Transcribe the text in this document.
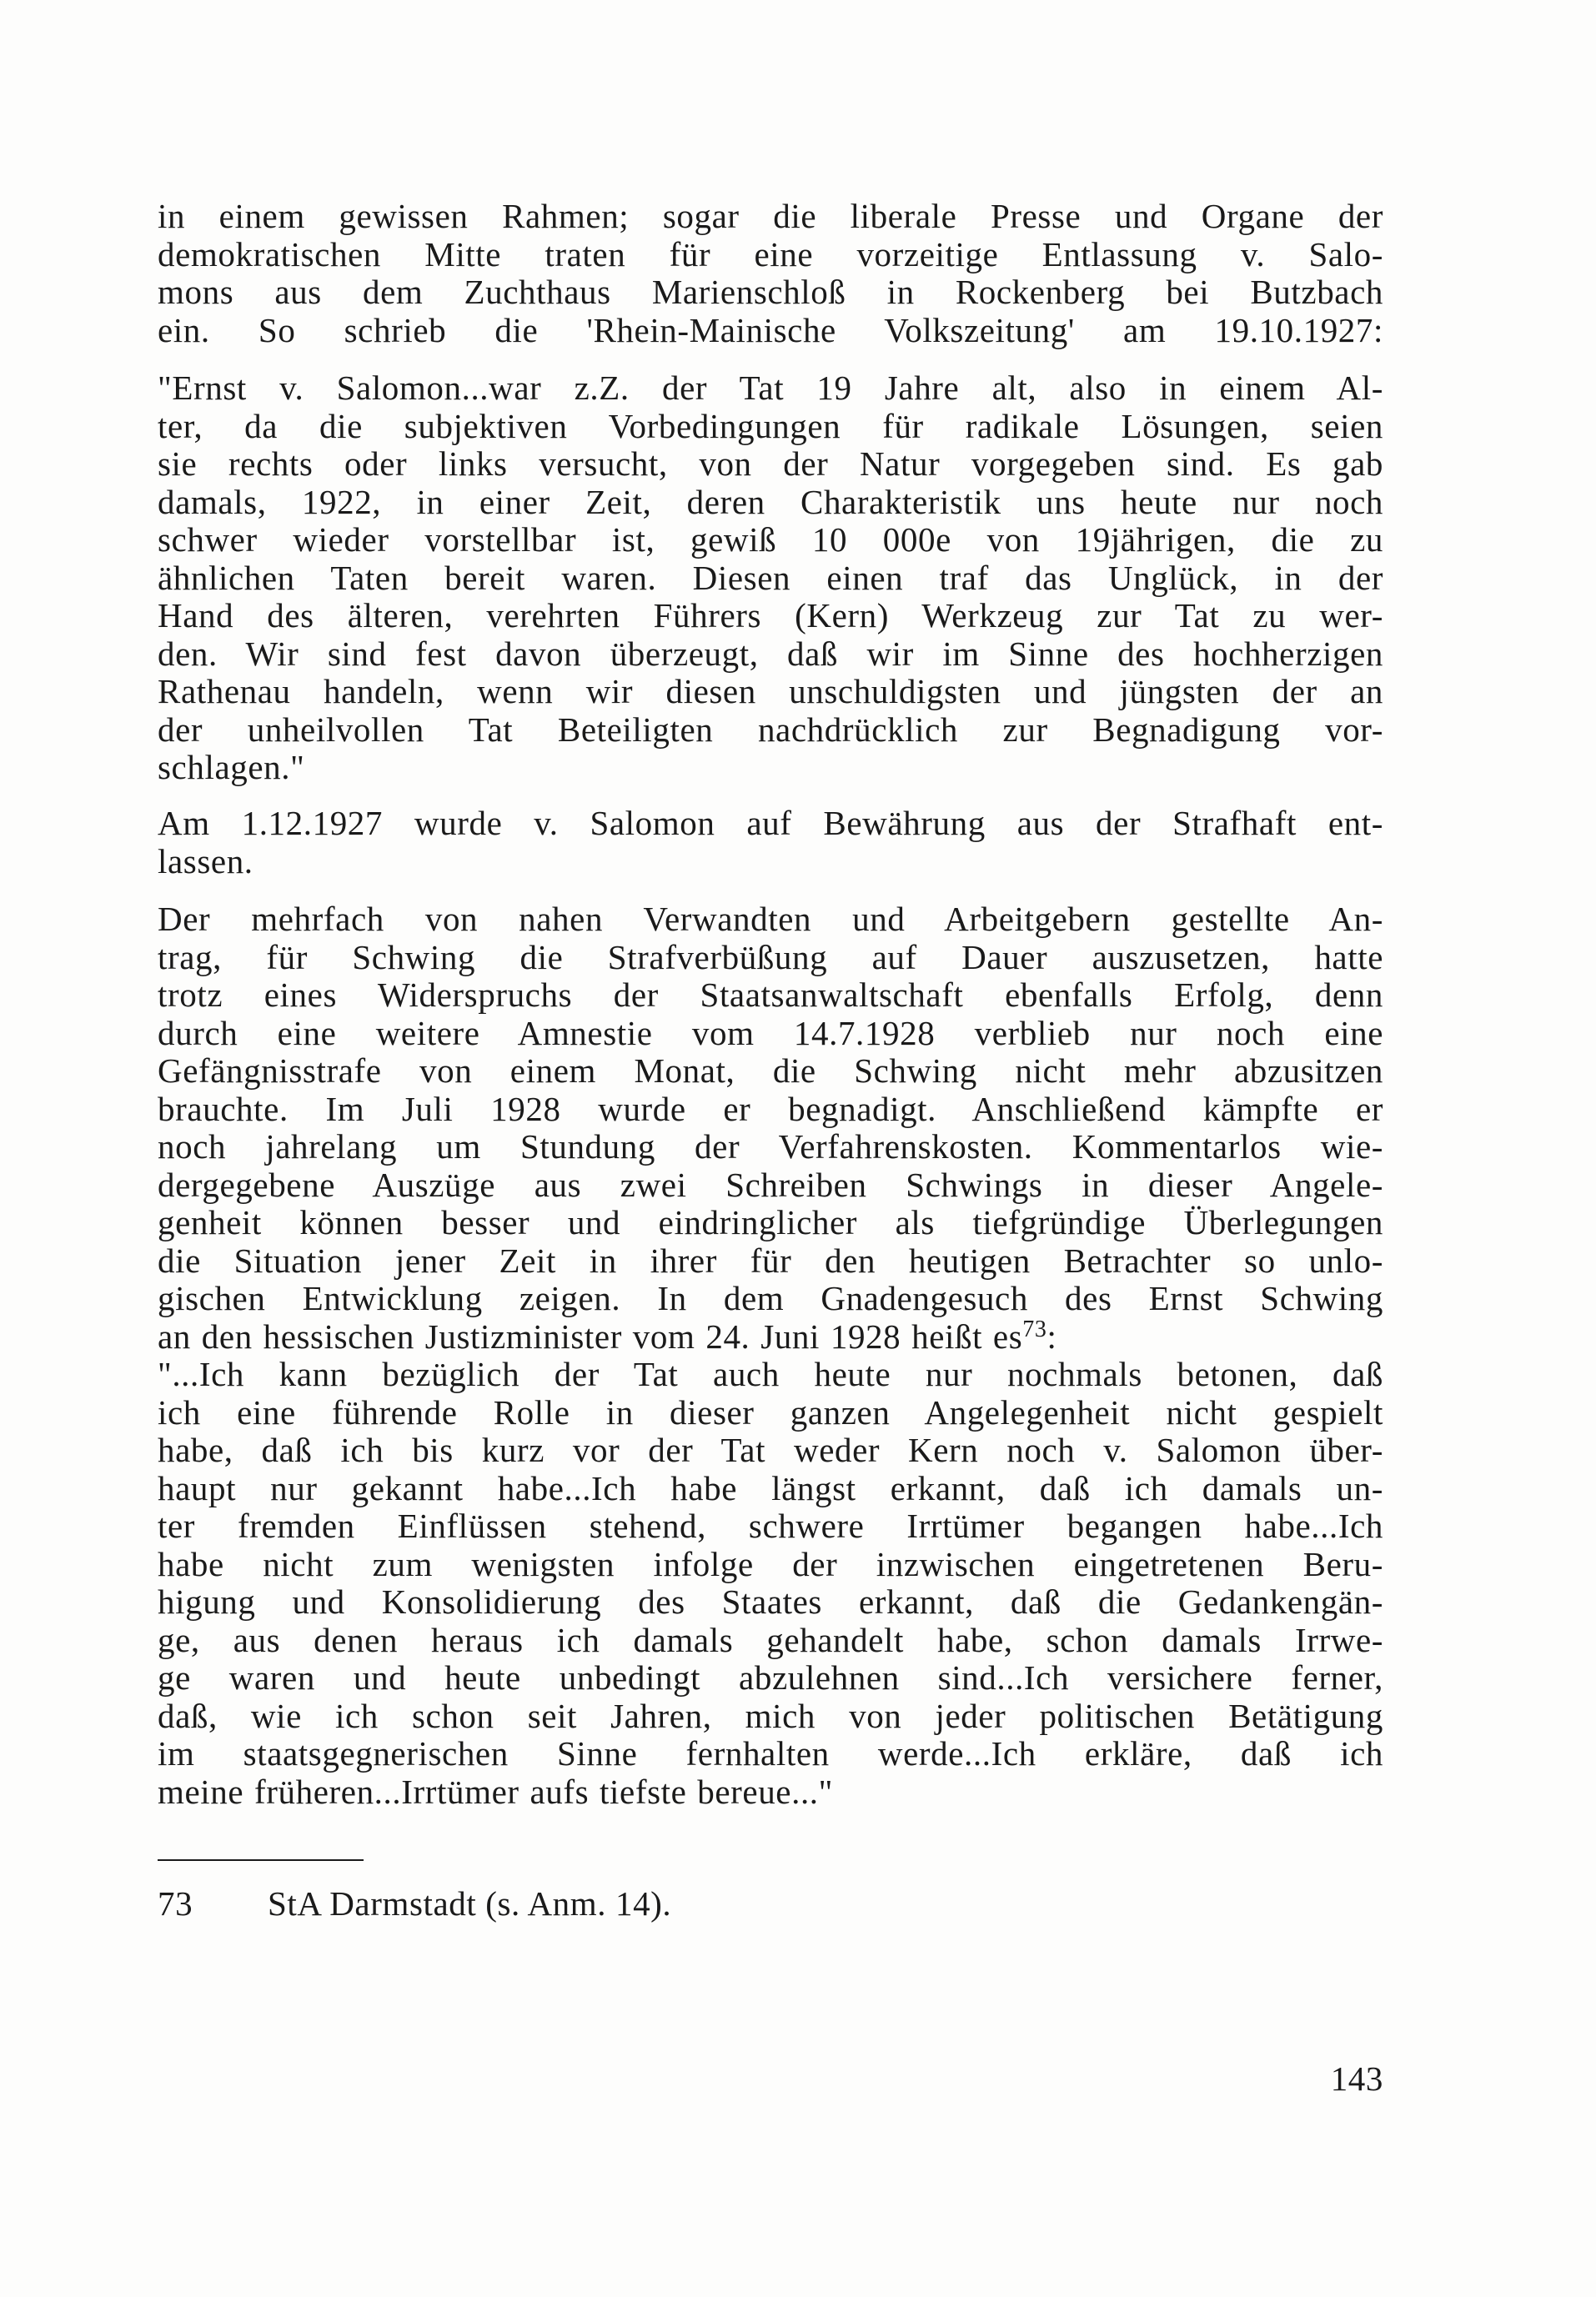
in einem gewissen Rahmen; sogar die liberale Presse und Organe der
demokratischen Mitte traten für eine vorzeitige Entlassung v. Salo-
mons aus dem Zuchthaus Marienschloß in Rockenberg bei Butzbach
ein. So schrieb die 'Rhein-Mainische Volkszeitung' am 19.10.1927:
"Ernst v. Salomon...war z.Z. der Tat 19 Jahre alt, also in einem Al-
ter, da die subjektiven Vorbedingungen für radikale Lösungen, seien
sie rechts oder links versucht, von der Natur vorgegeben sind. Es gab
damals, 1922, in einer Zeit, deren Charakteristik uns heute nur noch
schwer wieder vorstellbar ist, gewiß 10 000e von 19jährigen, die zu
ähnlichen Taten bereit waren. Diesen einen traf das Unglück, in der
Hand des älteren, verehrten Führers (Kern) Werkzeug zur Tat zu wer-
den. Wir sind fest davon überzeugt, daß wir im Sinne des hochherzigen
Rathenau handeln, wenn wir diesen unschuldigsten und jüngsten der an
der unheilvollen Tat Beteiligten nachdrücklich zur Begnadigung vor-
schlagen."
Am 1.12.1927 wurde v. Salomon auf Bewährung aus der Strafhaft ent-
lassen.
Der mehrfach von nahen Verwandten und Arbeitgebern gestellte An-
trag, für Schwing die Strafverbüßung auf Dauer auszusetzen, hatte
trotz eines Widerspruchs der Staatsanwaltschaft ebenfalls Erfolg, denn
durch eine weitere Amnestie vom 14.7.1928 verblieb nur noch eine
Gefängnisstrafe von einem Monat, die Schwing nicht mehr abzusitzen
brauchte. Im Juli 1928 wurde er begnadigt. Anschließend kämpfte er
noch jahrelang um Stundung der Verfahrenskosten. Kommentarlos wie-
dergegebene Auszüge aus zwei Schreiben Schwings in dieser Angele-
genheit können besser und eindringlicher als tiefgründige Überlegungen
die Situation jener Zeit in ihrer für den heutigen Betrachter so unlo-
gischen Entwicklung zeigen. In dem Gnadengesuch des Ernst Schwing
an den hessischen Justizminister vom 24. Juni 1928 heißt $es^{73}$:
"...Ich kann bezüglich der Tat auch heute nur nochmals betonen, daß
ich eine führende Rolle in dieser ganzen Angelegenheit nicht gespielt
habe, daß ich bis kurz vor der Tat weder Kern noch v. Salomon über-
haupt nur gekannt habe...Ich habe längst erkannt, daß ich damals un-
ter fremden Einflüssen stehend, schwere Irrtümer begangen habe...Ich
habe nicht zum wenigsten infolge der inzwischen eingetretenen Beru-
higung und Konsolidierung des Staates erkannt, daß die Gedankengän-
ge, aus denen heraus ich damals gehandelt habe, schon damals Irrwe-
ge waren und heute unbedingt abzulehnen sind...Ich versichere ferner,
daß, wie ich schon seit Jahren, mich von jeder politischen Betätigung
im staatsgegnerischen Sinne fernhalten werde...Ich erkläre, daß ich
meine früheren...Irrtümer aufs tiefste bereue..."
73 StA Darmstadt (s. Anm. 14).
143
